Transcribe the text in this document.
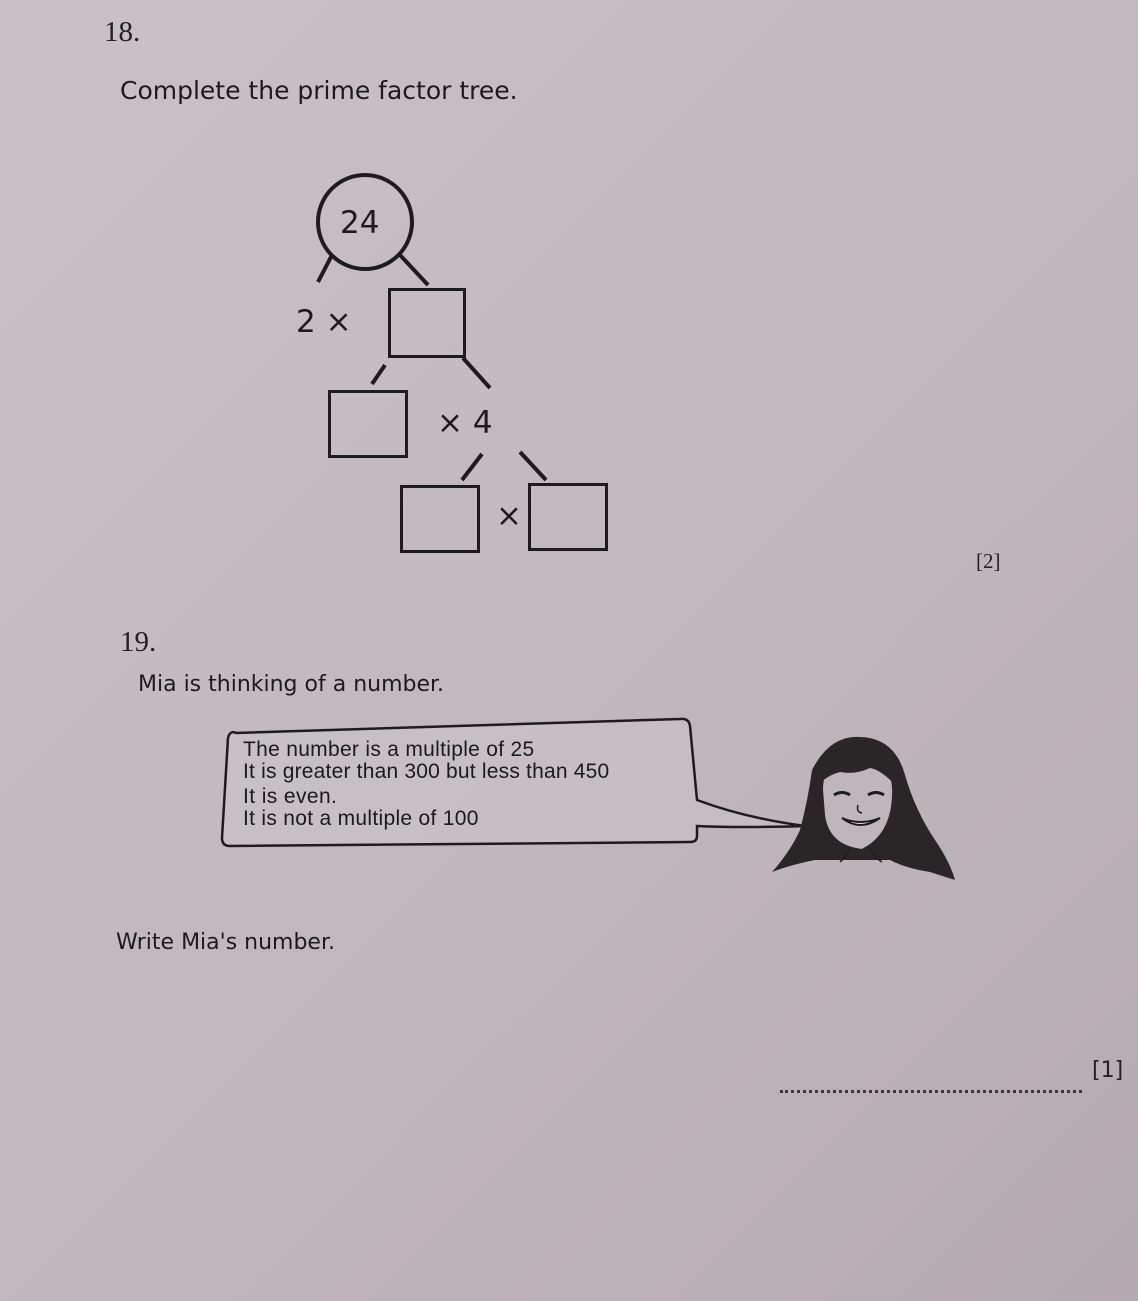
18.
Complete the prime factor tree.
24
2 ×
× 4
×
[2]
19.
Mia is thinking of a number.
The number is a multiple of 25
It is greater than 300 but less than 450
It is even.
It is not a multiple of 100
Write Mia's number.
[1]
